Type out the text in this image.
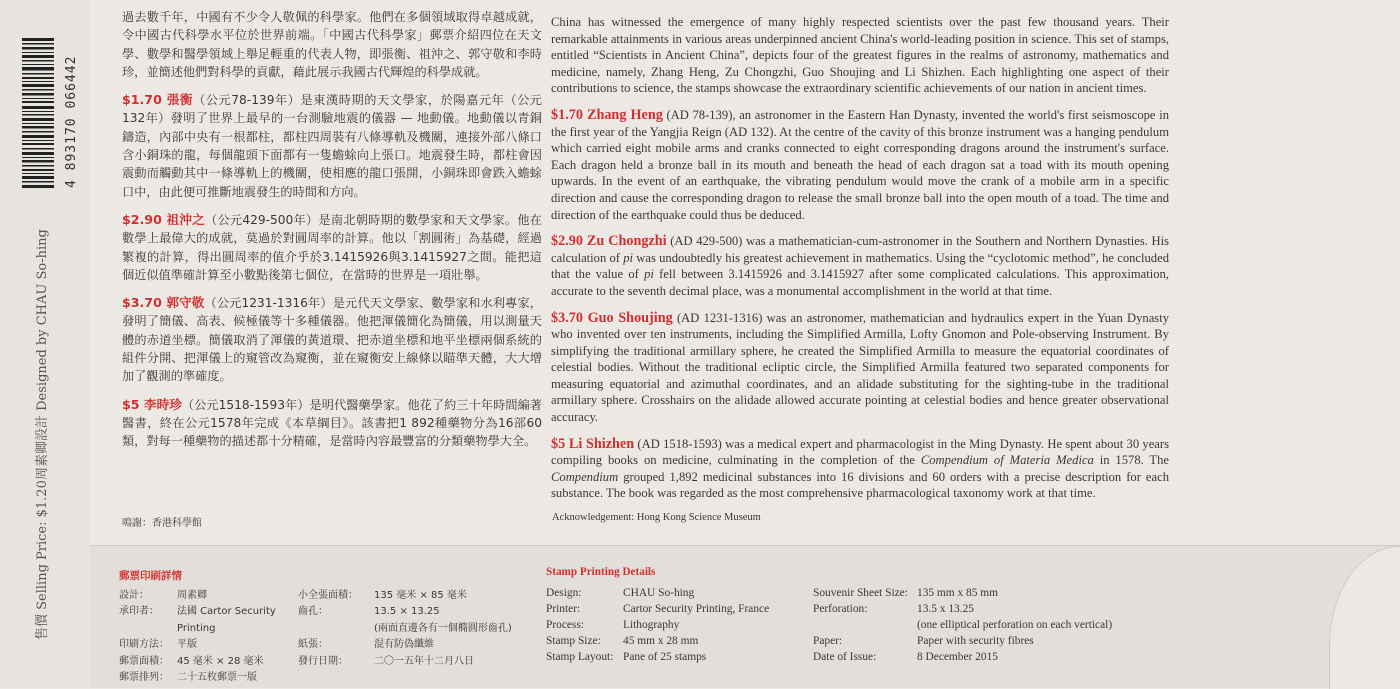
4 893170 066442
周素卿設計 Designed by CHAU So-hing
售價 Selling Price: $1.20

過去數千年，中國有不少令人敬佩的科學家。他們在多個領域取得卓越成就，令中國古代科學水平位於世界前端。「中國古代科學家」郵票介紹四位在天文學、數學和醫學領域上舉足輕重的代表人物，即張衡、祖沖之、郭守敬和李時珍，並簡述他們對科學的貢獻，藉此展示我國古代輝煌的科學成就。

$1.70 張衡（公元78-139年）是東漢時期的天文學家，於陽嘉元年（公元132年）發明了世界上最早的一台測驗地震的儀器 — 地動儀。地動儀以青銅鑄造，內部中央有一根都柱，都柱四周裝有八條導軌及機關，連接外部八條口含小銅珠的龍，每個龍頭下面都有一隻蟾蜍向上張口。地震發生時，都柱會因震動而觸動其中一條導軌上的機關，使相應的龍口張開，小銅珠即會跌入蟾蜍口中，由此便可推斷地震發生的時間和方向。

$2.90 祖沖之（公元429-500年）是南北朝時期的數學家和天文學家。他在數學上最偉大的成就，莫過於對圓周率的計算。他以「割圓術」為基礎，經過繁複的計算，得出圓周率的值介乎於3.1415926與3.1415927之間。能把這個近似值準確計算至小數點後第七個位，在當時的世界是一項壯舉。

$3.70 郭守敬（公元1231-1316年）是元代天文學家、數學家和水利專家，發明了簡儀、高表、候極儀等十多種儀器。他把渾儀簡化為簡儀，用以測量天體的赤道坐標。簡儀取消了渾儀的黃道環、把赤道坐標和地平坐標兩個系統的組件分開、把渾儀上的窺管改為窺衡，並在窺衡安上線條以瞄準天體，大大增加了觀測的準確度。

$5 李時珍（公元1518-1593年）是明代醫藥學家。他花了約三十年時間編著醫書，終在公元1578年完成《本草綱目》。該書把1 892種藥物分為16部60類，對每一種藥物的描述都十分精確，是當時內容最豐富的分類藥物學大全。

鳴謝：香港科學館

China has witnessed the emergence of many highly respected scientists over the past few thousand years. Their remarkable attainments in various areas underpinned ancient China's world-leading position in science. This set of stamps, entitled “Scientists in Ancient China”, depicts four of the greatest figures in the realms of astronomy, mathematics and medicine, namely, Zhang Heng, Zu Chongzhi, Guo Shoujing and Li Shizhen. Each highlighting one aspect of their contributions to science, the stamps showcase the extraordinary scientific achievements of our nation in ancient times.

$1.70 Zhang Heng (AD 78-139), an astronomer in the Eastern Han Dynasty, invented the world's first seismoscope in the first year of the Yangjia Reign (AD 132). At the centre of the cavity of this bronze instrument was a hanging pendulum which carried eight mobile arms and cranks connected to eight corresponding dragons around the instrument's surface. Each dragon held a bronze ball in its mouth and beneath the head of each dragon sat a toad with its mouth opening upwards. In the event of an earthquake, the vibrating pendulum would move the crank of a mobile arm in a specific direction and cause the corresponding dragon to release the small bronze ball into the open mouth of a toad. The time and direction of the earthquake could thus be deduced.

$2.90 Zu Chongzhi (AD 429-500) was a mathematician-cum-astronomer in the Southern and Northern Dynasties. His calculation of pi was undoubtedly his greatest achievement in mathematics. Using the “cyclotomic method”, he concluded that the value of pi fell between 3.1415926 and 3.1415927 after some complicated calculations. This approximation, accurate to the seventh decimal place, was a monumental accomplishment in the world at that time.

$3.70 Guo Shoujing (AD 1231-1316) was an astronomer, mathematician and hydraulics expert in the Yuan Dynasty who invented over ten instruments, including the Simplified Armilla, Lofty Gnomon and Pole-observing Instrument. By simplifying the traditional armillary sphere, he created the Simplified Armilla to measure the equatorial coordinates of celestial bodies. Without the traditional ecliptic circle, the Simplified Armilla featured two separated components for measuring equatorial and azimuthal coordinates, and an alidade substituting for the sighting-tube in the traditional armillary sphere. Crosshairs on the alidade allowed accurate pointing at celestial bodies and hence greater observational accuracy.

$5 Li Shizhen (AD 1518-1593) was a medical expert and pharmacologist in the Ming Dynasty. He spent about 30 years compiling books on medicine, culminating in the completion of the Compendium of Materia Medica in 1578. The Compendium grouped 1,892 medicinal substances into 16 divisions and 60 orders with a precise description for each substance. The book was regarded as the most comprehensive pharmacological taxonomy work at that time.

Acknowledgement: Hong Kong Science Museum
郵票印刷詳情
設計：	周素卿
承印者：	法國 Cartor Security
Printing
印刷方法： 平版
郵票面積： 45 毫米 × 28 毫米
郵票排列： 二十五枚郵票一版
小全張面積：	135 毫米 × 85 毫米
齒孔：	13.5 × 13.25
(兩面直邊各有一個橢圓形齒孔)
紙張：	混有防偽纖維
發行日期：	二〇一五年十二月八日
Stamp Printing Details
Design:	CHAU So-hing
Printer:	Cartor Security Printing, France
Process:	Lithography
Stamp Size:	45 mm x 28 mm
Stamp Layout: Pane of 25 stamps
Souvenir Sheet Size: 135 mm x 85 mm
Perforation:	13.5 x 13.25
(one elliptical perforation on each vertical)
Paper:	Paper with security fibres
Date of Issue:	8 December 2015
